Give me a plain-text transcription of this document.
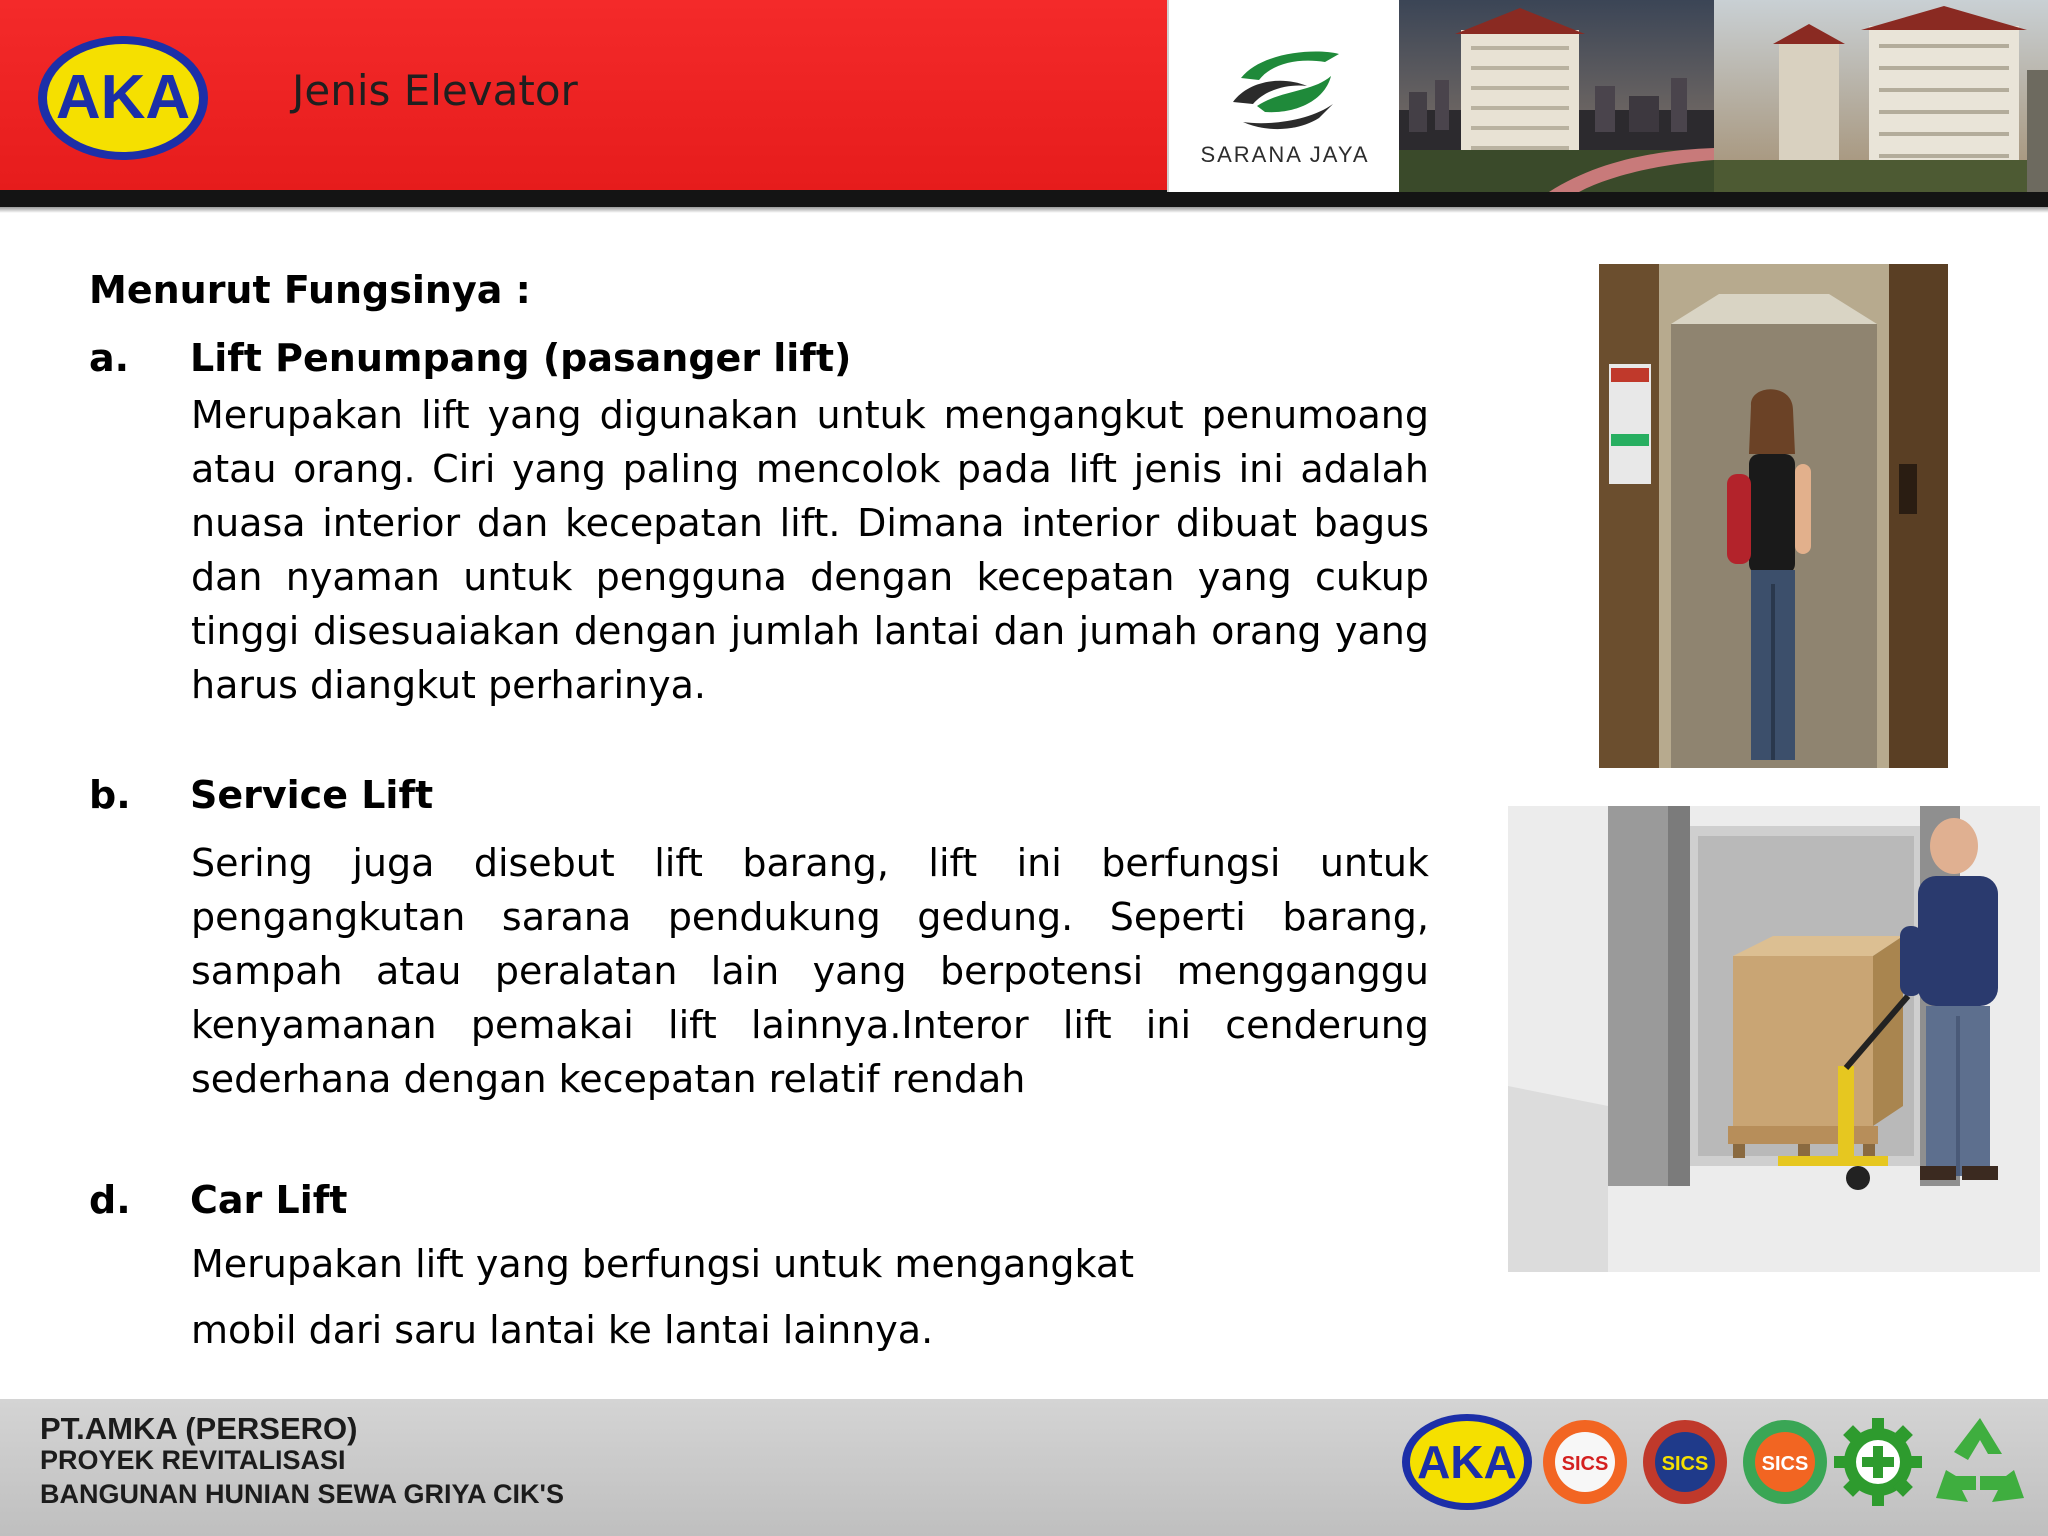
AKA Jenis Elevator
SARANA JAYA
Menurut Fungsinya :
a. Lift Penumpang (pasanger lift)
Merupakan lift yang digunakan untuk mengangkut penumoang atau orang. Ciri yang paling mencolok pada lift jenis ini adalah nuasa interior dan kecepatan lift. Dimana interior dibuat bagus dan nyaman untuk pengguna dengan kecepatan yang cukup tinggi disesuaiakan dengan jumlah lantai dan jumah orang yang harus diangkut perharinya.
b. Service Lift
Sering juga disebut lift barang, lift ini berfungsi untuk pengangkutan sarana pendukung gedung. Seperti barang, sampah atau peralatan lain yang berpotensi mengganggu kenyamanan pemakai lift lainnya.Interor lift ini cenderung sederhana dengan kecepatan relatif rendah
d. Car Lift
Merupakan lift yang berfungsi untuk mengangkat
mobil dari saru lantai ke lantai lainnya.
PT.AMKA (PERSERO)
PROYEK REVITALISASI
BANGUNAN HUNIAN SEWA GRIYA CIK'S
AKA SICS	SICS	SICS
